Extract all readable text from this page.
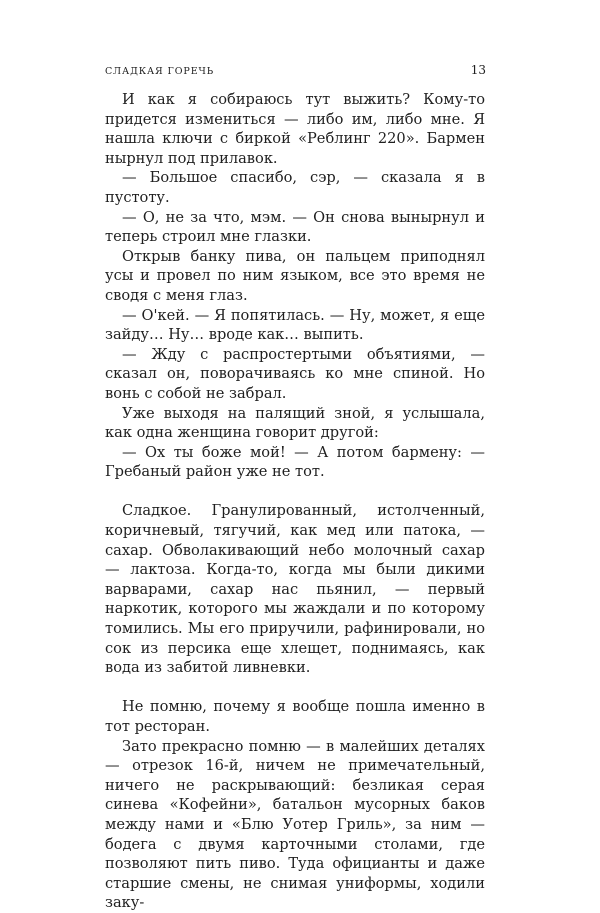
СЛАДКАЯ ГОРЕЧЬ	13

И как я собираюсь тут выжить? Кому-то придется измениться — либо им, либо мне. Я нашла ключи с биркой «Реблинг 220». Бармен нырнул под прилавок.

— Большое спасибо, сэр, — сказала я в пустоту.

— О, не за что, мэм. — Он снова вынырнул и теперь строил мне глазки.

Открыв банку пива, он пальцем приподнял усы и провел по ним языком, все это время не сводя с меня глаз.

— О'кей. — Я попятилась. — Ну, может, я еще зайду… Ну… вроде как… выпить.

— Жду с распростертыми объятиями, — сказал он, поворачиваясь ко мне спиной. Но вонь с собой не забрал.

Уже выходя на палящий зной, я услышала, как одна женщина говорит другой:

— Ох ты боже мой! — А потом бармену: — Гребаный район уже не тот.

Сладкое. Гранулированный, истолченный, коричневый, тягучий, как мед или патока, — сахар. Обволакивающий небо молочный сахар — лактоза. Когда-то, когда мы были дикими варварами, сахар нас пьянил, — первый наркотик, которого мы жаждали и по которому томились. Мы его приручили, рафинировали, но сок из персика еще хлещет, поднимаясь, как вода из забитой ливневки.

Не помню, почему я вообще пошла именно в тот ресторан.

Зато прекрасно помню — в малейших деталях — отрезок 16-й, ничем не примечательный, ничего не раскрывающий: безликая серая синева «Кофейни», батальон мусорных баков между нами и «Блю Уотер Гриль», за ним — бодега с двумя карточными столами, где позволяют пить пиво. Туда официанты и даже старшие смены, не снимая униформы, ходили заку-
